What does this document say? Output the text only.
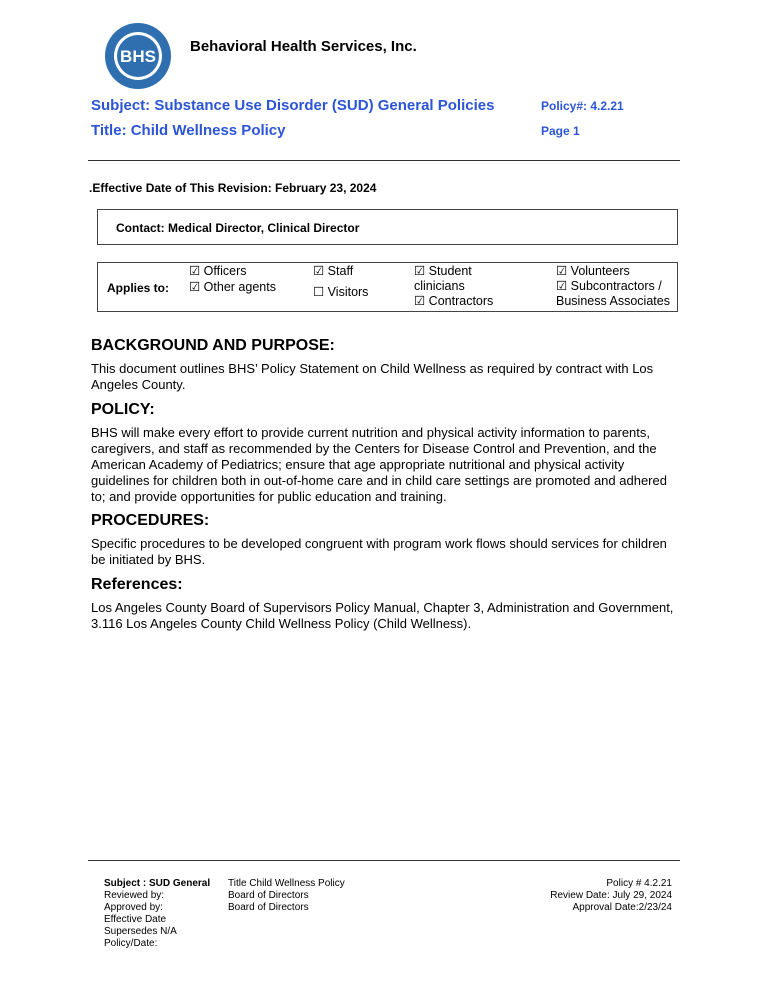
BHS
Behavioral Health Services, Inc.
Subject: Substance Use Disorder (SUD) General Policies
Title: Child Wellness Policy
Policy#: 4.2.21
Page 1
.Effective Date of This Revision: February 23, 2024
Contact: Medical Director, Clinical Director
Applies to:
☑ Officers
☑ Other agents
☑ Staff
☐ Visitors
☑ Student
clinicians
☑ Contractors
☑ Volunteers
☑ Subcontractors /
Business Associates
BACKGROUND AND PURPOSE:
This document outlines BHS’ Policy Statement on Child Wellness as required by contract with Los Angeles County.
POLICY:
BHS will make every effort to provide current nutrition and physical activity information to parents, caregivers, and staff as recommended by the Centers for Disease Control and Prevention, and the American Academy of Pediatrics; ensure that age appropriate nutritional and physical activity guidelines for children both in out-of-home care and in child care settings are promoted and adhered to; and provide opportunities for public education and training.
PROCEDURES:
Specific procedures to be developed congruent with program work flows should services for children be initiated by BHS.
References:
Los Angeles County Board of Supervisors Policy Manual, Chapter 3, Administration and Government, 3.116 Los Angeles County Child Wellness Policy (Child Wellness).
Subject : SUD General
Reviewed by:
Approved by:
Effective Date
Supersedes N/A
Policy/Date:
Title Child Wellness Policy
Board of Directors
Board of Directors
Policy # 4.2.21
Review Date: July 29, 2024
Approval Date:2/23/24
